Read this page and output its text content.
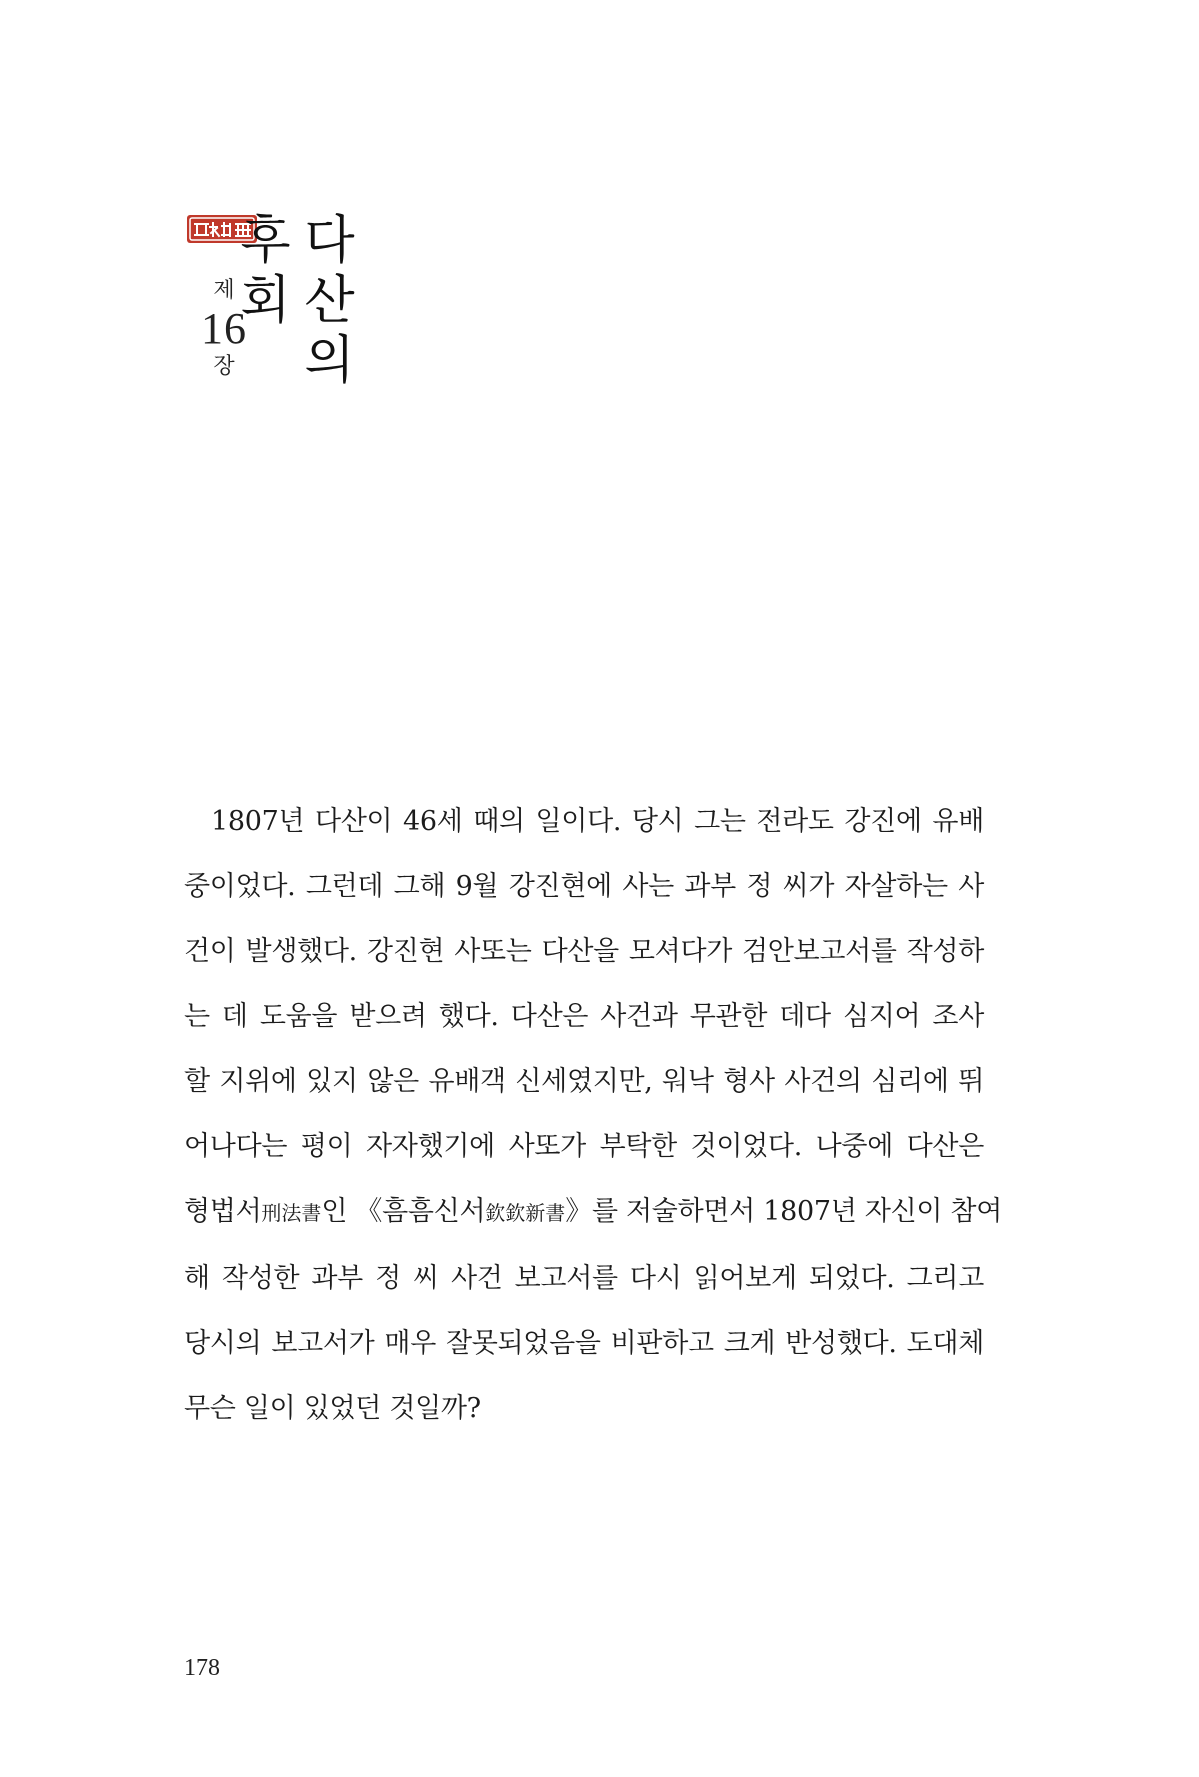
제
16
장	다산의 후회
1807년 다산이 46세 때의 일이다. 당시 그는 전라도 강진에 유배
중이었다. 그런데 그해 9월 강진현에 사는 과부 정 씨가 자살하는 사
건이 발생했다. 강진현 사또는 다산을 모셔다가 검안보고서를 작성하
는 데 도움을 받으려 했다. 다산은 사건과 무관한 데다 심지어 조사
할 지위에 있지 않은 유배객 신세였지만, 워낙 형사 사건의 심리에 뛰
어나다는 평이 자자했기에 사또가 부탁한 것이었다. 나중에 다산은
형법서刑法書인 《흠흠신서欽欽新書》를 저술하면서 1807년 자신이 참여
해 작성한 과부 정 씨 사건 보고서를 다시 읽어보게 되었다. 그리고
당시의 보고서가 매우 잘못되었음을 비판하고 크게 반성했다. 도대체
무슨 일이 있었던 것일까?
178
